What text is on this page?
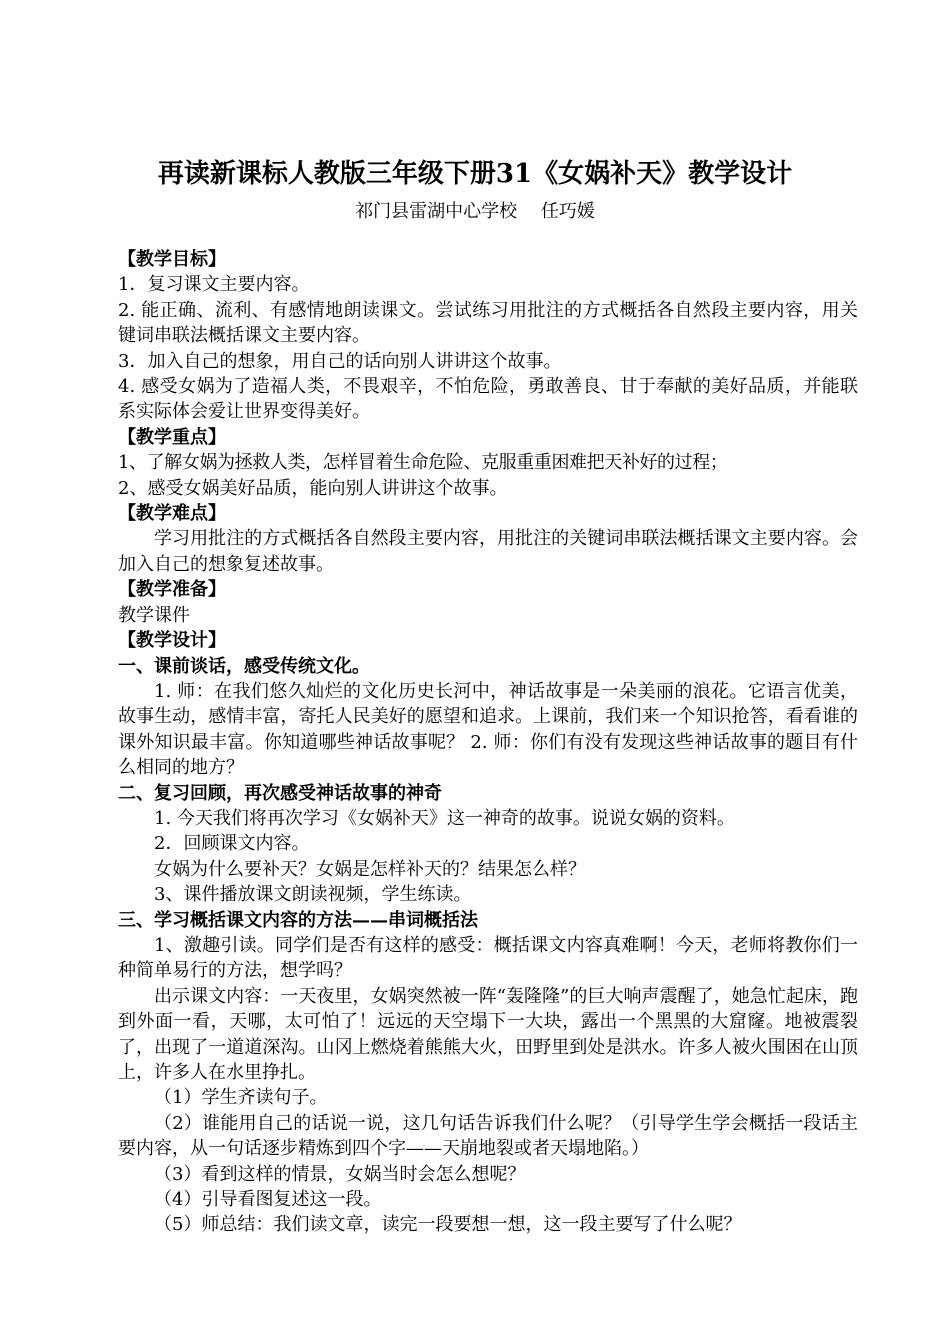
再读新课标人教版三年级下册31《女娲补天》教学设计

祁门县雷湖中心学校　 任巧媛

【教学目标】

1．复习课文主要内容。

2. 能正确、流利、有感情地朗读课文。尝试练习用批注的方式概括各自然段主要内容，用关键词串联法概括课文主要内容。

3．加入自己的想象，用自己的话向别人讲讲这个故事。

4. 感受女娲为了造福人类，不畏艰辛，不怕危险，勇敢善良、甘于奉献的美好品质，并能联系实际体会爱让世界变得美好。

【教学重点】

1、了解女娲为拯救人类，怎样冒着生命危险、克服重重困难把天补好的过程；

2、感受女娲美好品质，能向别人讲讲这个故事。

【教学难点】

学习用批注的方式概括各自然段主要内容，用批注的关键词串联法概括课文主要内容。会加入自己的想象复述故事。

【教学准备】

教学课件

【教学设计】

一、课前谈话，感受传统文化。

1. 师：在我们悠久灿烂的文化历史长河中，神话故事是一朵美丽的浪花。它语言优美，故事生动，感情丰富，寄托人民美好的愿望和追求。上课前，我们来一个知识抢答，看看谁的课外知识最丰富。你知道哪些神话故事呢？ 2. 师：你们有没有发现这些神话故事的题目有什么相同的地方？

二、复习回顾，再次感受神话故事的神奇

1. 今天我们将再次学习《女娲补天》这一神奇的故事。说说女娲的资料。

2．回顾课文内容。

女娲为什么要补天？女娲是怎样补天的？结果怎么样？

3、课件播放课文朗读视频，学生练读。

三、学习概括课文内容的方法——串词概括法

1、激趣引读。同学们是否有这样的感受：概括课文内容真难啊！今天，老师将教你们一种简单易行的方法，想学吗？

出示课文内容：一天夜里，女娲突然被一阵“轰隆隆”的巨大响声震醒了，她急忙起床，跑到外面一看，天哪，太可怕了！远远的天空塌下一大块，露出一个黑黑的大窟窿。地被震裂了，出现了一道道深沟。山冈上燃烧着熊熊大火，田野里到处是洪水。许多人被火围困在山顶上，许多人在水里挣扎。

（1）学生齐读句子。

（2）谁能用自己的话说一说，这几句话告诉我们什么呢？（引导学生学会概括一段话主要内容，从一句话逐步精炼到四个字——天崩地裂或者天塌地陷。）

（3）看到这样的情景，女娲当时会怎么想呢？

（4）引导看图复述这一段。

（5）师总结：我们读文章，读完一段要想一想，这一段主要写了什么呢？
